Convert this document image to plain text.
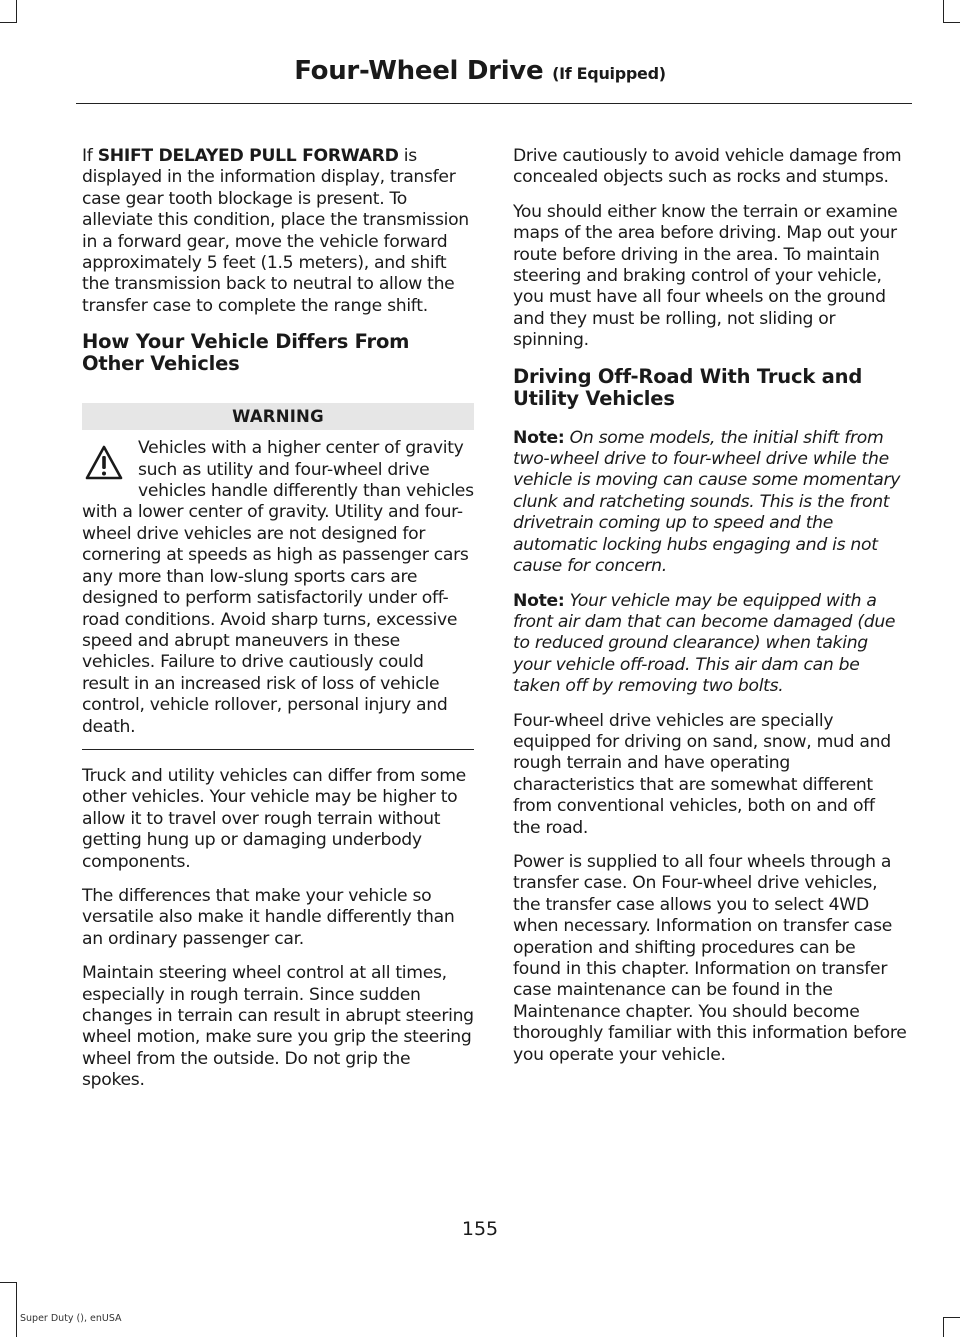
Four-Wheel Drive (If Equipped)

If SHIFT DELAYED PULL FORWARD is displayed in the information display, transfer case gear tooth blockage is present. To alleviate this condition, place the transmission in a forward gear, move the vehicle forward approximately 5 feet (1.5 meters), and shift the transmission back to neutral to allow the transfer case to complete the range shift.

How Your Vehicle Differs From Other Vehicles
WARNING

Vehicles with a higher center of gravity such as utility and four-wheel drive vehicles handle differently than vehicles with a lower center of gravity. Utility and four-wheel drive vehicles are not designed for cornering at speeds as high as passenger cars any more than low-slung sports cars are designed to perform satisfactorily under off-road conditions. Avoid sharp turns, excessive speed and abrupt maneuvers in these vehicles. Failure to drive cautiously could result in an increased risk of loss of vehicle control, vehicle rollover, personal injury and death.

Truck and utility vehicles can differ from some other vehicles. Your vehicle may be higher to allow it to travel over rough terrain without getting hung up or damaging underbody components.

The differences that make your vehicle so versatile also make it handle differently than an ordinary passenger car.

Maintain steering wheel control at all times, especially in rough terrain. Since sudden changes in terrain can result in abrupt steering wheel motion, make sure you grip the steering wheel from the outside. Do not grip the spokes.

Drive cautiously to avoid vehicle damage from concealed objects such as rocks and stumps.

You should either know the terrain or examine maps of the area before driving. Map out your route before driving in the area. To maintain steering and braking control of your vehicle, you must have all four wheels on the ground and they must be rolling, not sliding or spinning.

Driving Off-Road With Truck and Utility Vehicles

Note: On some models, the initial shift from two-wheel drive to four-wheel drive while the vehicle is moving can cause some momentary clunk and ratcheting sounds. This is the front drivetrain coming up to speed and the automatic locking hubs engaging and is not cause for concern.

Note: Your vehicle may be equipped with a front air dam that can become damaged (due to reduced ground clearance) when taking your vehicle off-road. This air dam can be taken off by removing two bolts.

Four-wheel drive vehicles are specially equipped for driving on sand, snow, mud and rough terrain and have operating characteristics that are somewhat different from conventional vehicles, both on and off the road.

Power is supplied to all four wheels through a transfer case. On Four-wheel drive vehicles, the transfer case allows you to select 4WD when necessary. Information on transfer case operation and shifting procedures can be found in this chapter. Information on transfer case maintenance can be found in the Maintenance chapter. You should become thoroughly familiar with this information before you operate your vehicle.

155
Super Duty (), enUSA
